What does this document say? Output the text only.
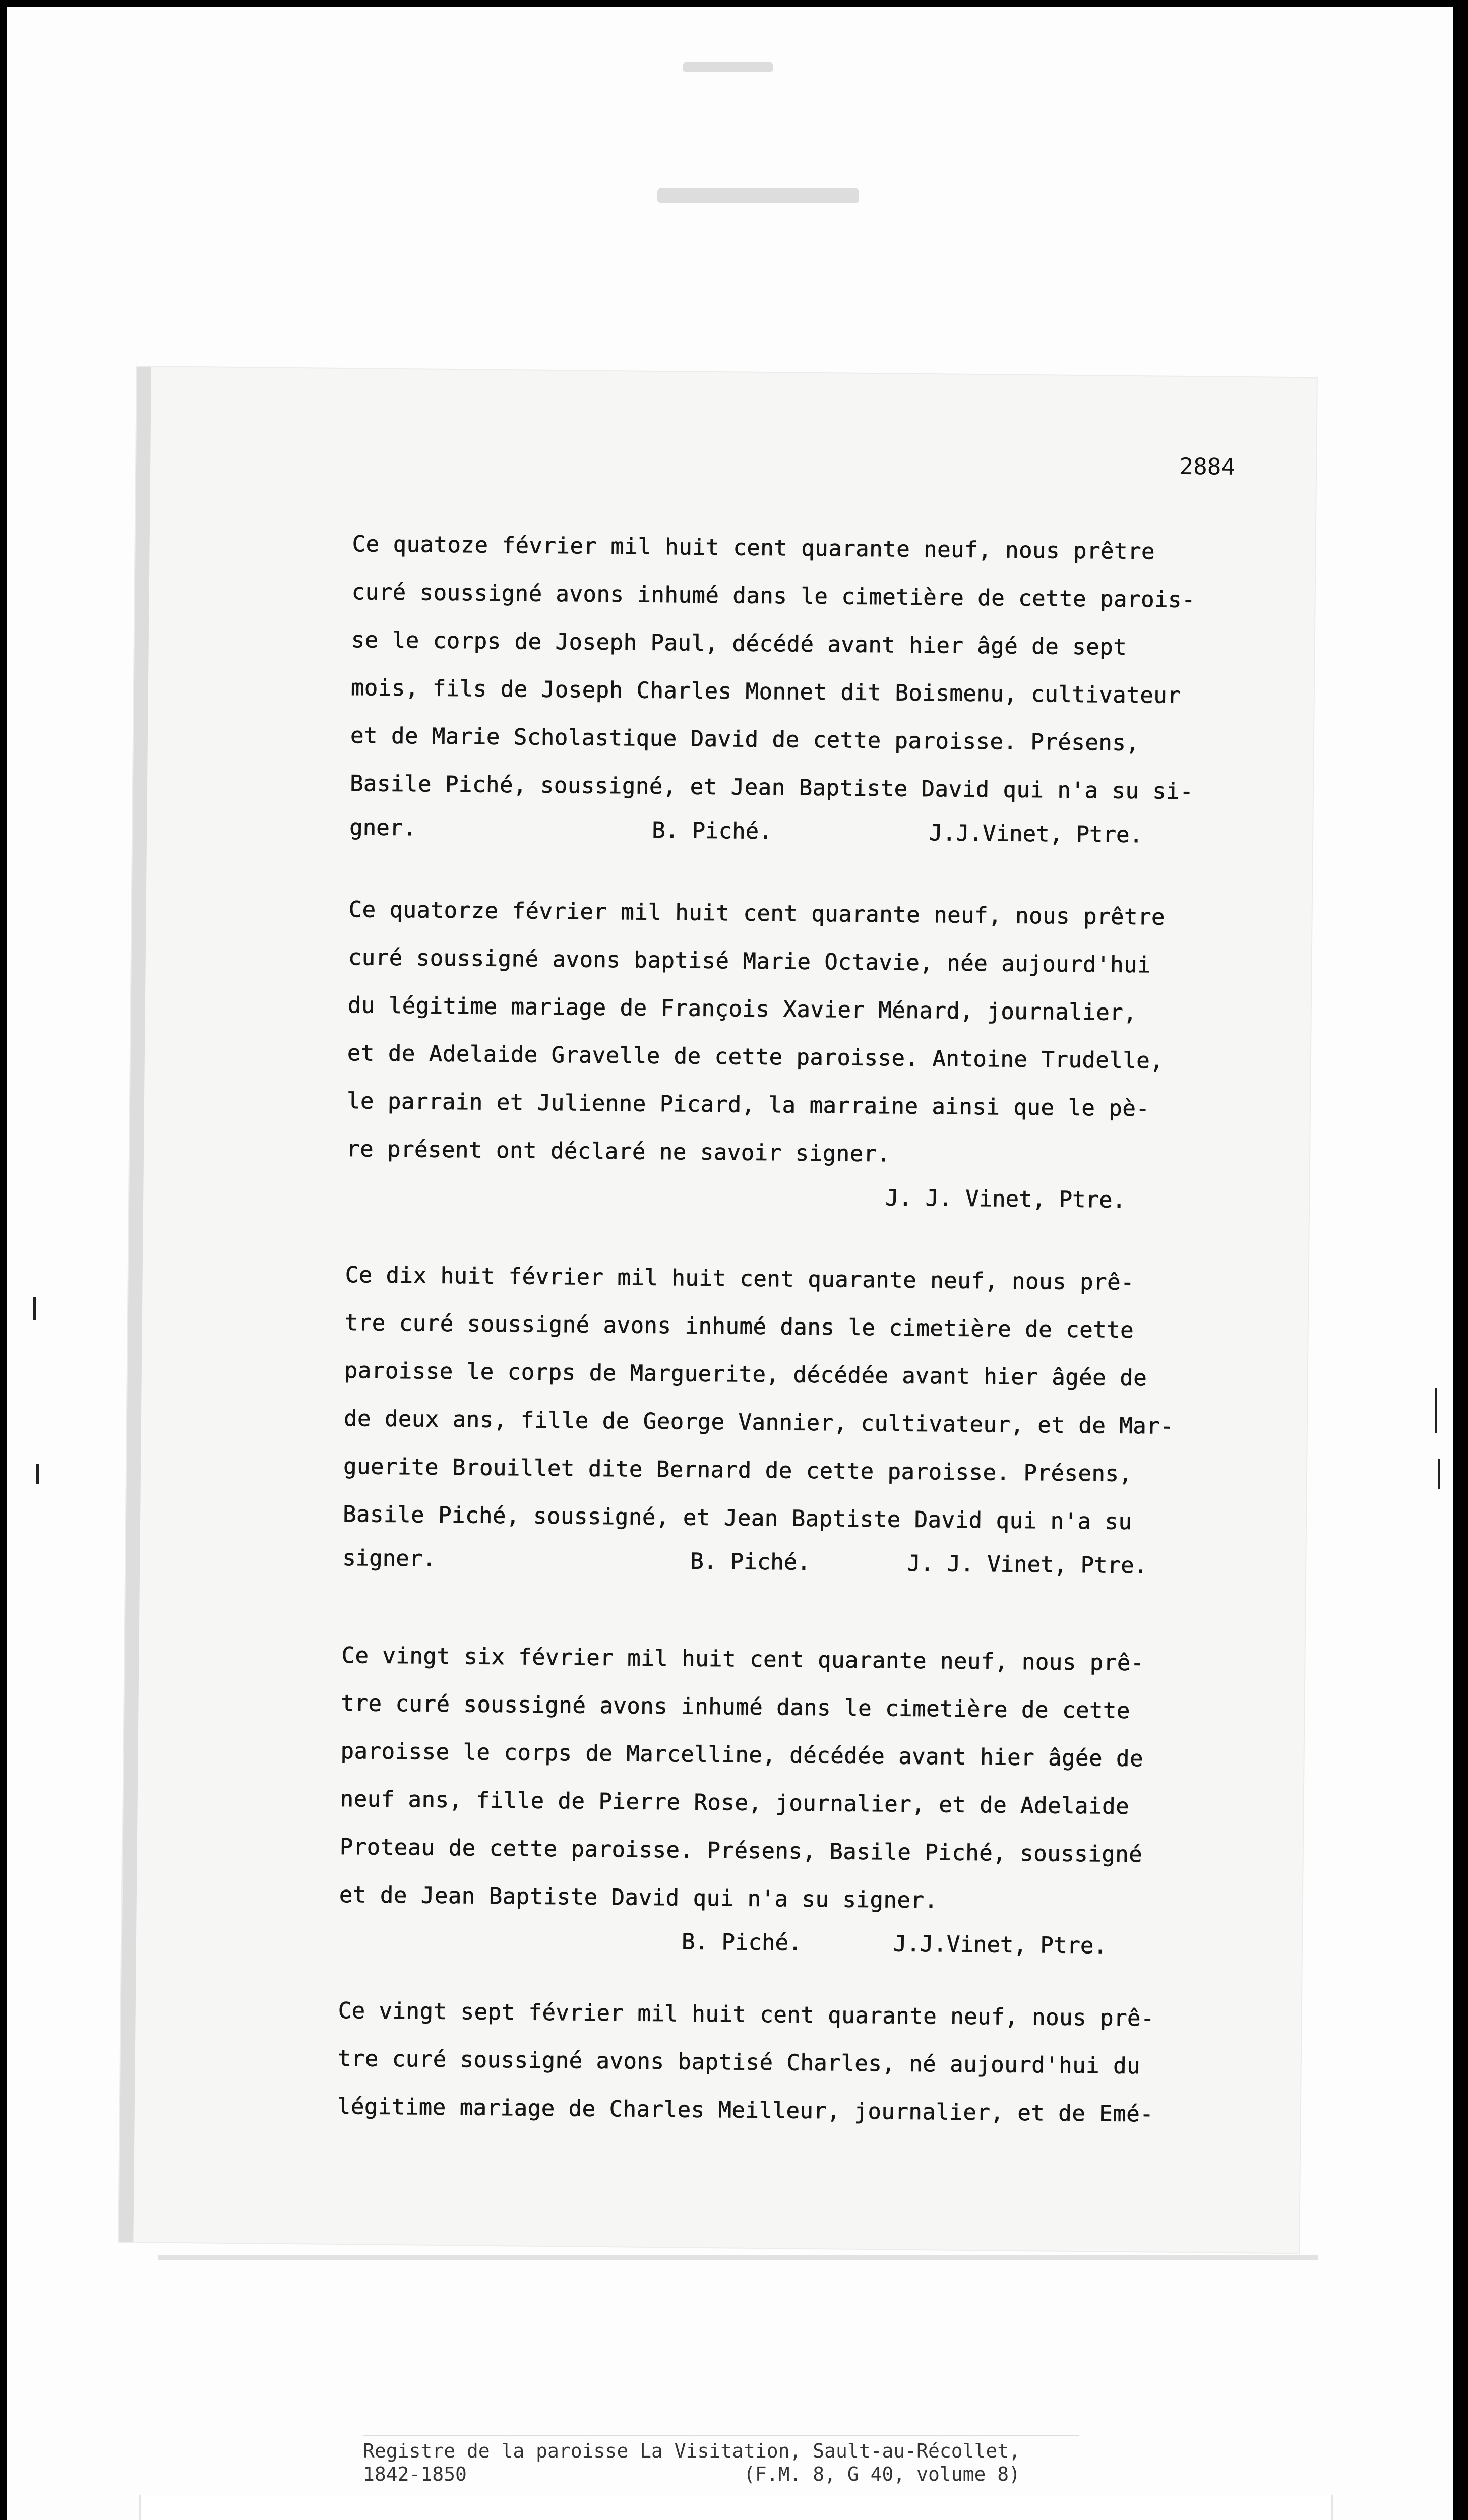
2884
Ce quatoze février mil huit cent quarante neuf, nous prêtre
curé soussigné avons inhumé dans le cimetière de cette parois-
se le corps de Joseph Paul, décédé avant hier âgé de sept
mois, fils de Joseph Charles Monnet dit Boismenu, cultivateur
et de Marie Scholastique David de cette paroisse. Présens,
Basile Piché, soussigné, et Jean Baptiste David qui n'a su si-

gner.

	B. Piché.

	J.J.Vinet, Ptre.

Ce quatorze février mil huit cent quarante neuf, nous prêtre
curé soussigné avons baptisé Marie Octavie, née aujourd'hui
du légitime mariage de François Xavier Ménard, journalier,
et de Adelaide Gravelle de cette paroisse. Antoine Trudelle,
le parrain et Julienne Picard, la marraine ainsi que le pè-
re présent ont déclaré ne savoir signer.

J. J. Vinet, Ptre.

Ce dix huit février mil huit cent quarante neuf, nous prê-
tre curé soussigné avons inhumé dans le cimetière de cette
paroisse le corps de Marguerite, décédée avant hier âgée de
de deux ans, fille de George Vannier, cultivateur, et de Mar-
guerite Brouillet dite Bernard de cette paroisse. Présens,
Basile Piché, soussigné, et Jean Baptiste David qui n'a su

signer.

	B. Piché.

	J. J. Vinet, Ptre.

Ce vingt six février mil huit cent quarante neuf, nous prê-
tre curé soussigné avons inhumé dans le cimetière de cette
paroisse le corps de Marcelline, décédée avant hier âgée de
neuf ans, fille de Pierre Rose, journalier, et de Adelaide
Proteau de cette paroisse. Présens, Basile Piché, soussigné
et de Jean Baptiste David qui n'a su signer.

B. Piché.

	J.J.Vinet, Ptre.

Ce vingt sept février mil huit cent quarante neuf, nous prê-
tre curé soussigné avons baptisé Charles, né aujourd'hui du
légitime mariage de Charles Meilleur, journalier, et de Emé-
Registre de la paroisse La Visitation, Sault-au-Récollet,
1842-1850                        (F.M. 8, G 40, volume 8)
